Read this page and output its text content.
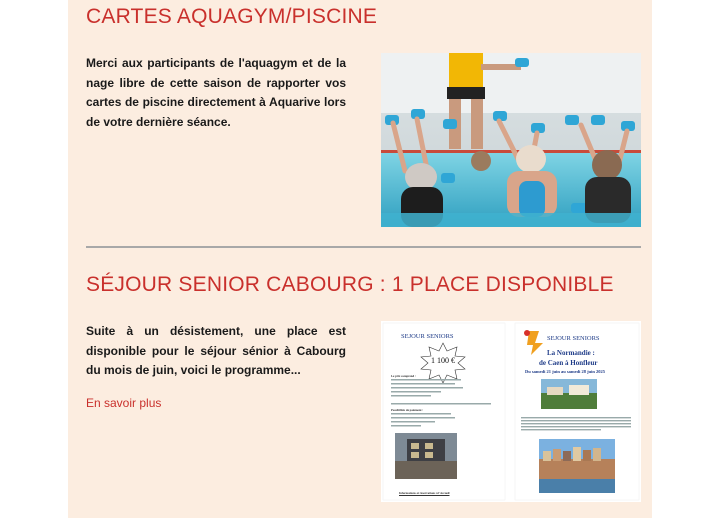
CARTES AQUAGYM/PISCINE

Merci aux participants de l'aquagym et de la nage libre de cette saison de rapporter vos cartes de piscine directement à Aquarive lors de votre dernière séance.

SÉJOUR SENIOR CABOURG : 1 PLACE DISPONIBLE

Suite à un désistement, une place est disponible pour le séjour sénior à Cabourg du mois de juin, voici le programme...

En savoir plus
SEJOUR SENIORS
1 100 €
Le prix comprend :
Possibilités de paiement :
Informations et réservations à l'Accueil
SEJOUR SENIORS
La Normandie :
de Caen à Honfleur
Du samedi 21 juin au samedi 28 juin 2025
